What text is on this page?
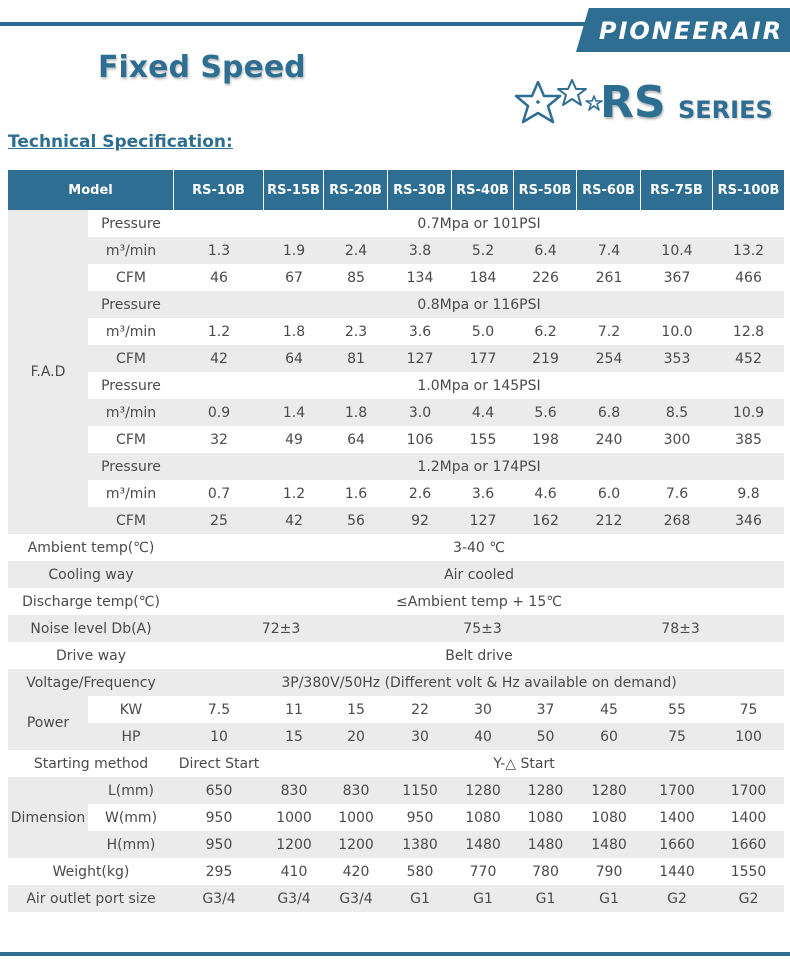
PIONEERAIR
Fixed Speed
RS SERIES
Technical Specification:
Model		RS-10B	RS-15B	RS-20B	RS-30B	RS-40B	RS-50B	RS-60B	RS-75B	RS-100B
F.A.D	Pressure	0.7Mpa or 101PSI								
	m³/min	1.3	1.9	2.4	3.8	5.2	6.4	7.4	10.4	13.2
	CFM	46	67	85	134	184	226	261	367	466
	Pressure	0.8Mpa or 116PSI								
	m³/min	1.2	1.8	2.3	3.6	5.0	6.2	7.2	10.0	12.8
	CFM	42	64	81	127	177	219	254	353	452
	Pressure	1.0Mpa or 145PSI								
	m³/min	0.9	1.4	1.8	3.0	4.4	5.6	6.8	8.5	10.9
	CFM	32	49	64	106	155	198	240	300	385
	Pressure	1.2Mpa or 174PSI								
	m³/min	0.7	1.2	1.6	2.6	3.6	4.6	6.0	7.6	9.8
	CFM	25	42	56	92	127	162	212	268	346
Ambient temp(℃)		3-40 ℃								
Cooling way		Air cooled								
Discharge temp(℃)		≤Ambient temp + 15℃								
Noise level Db(A)		72±3			75±3			78±3		
Drive way		Belt drive								
Voltage/Frequency		3P/380V/50Hz (Different volt & Hz available on demand)								
Power	KW	7.5	11	15	22	30	37	45	55	75
	HP	10	15	20	30	40	50	60	75	100
Starting method		Direct Start	Y-△ Start							
Dimension	L(mm)	650	830	830	1150	1280	1280	1280	1700	1700
	W(mm)	950	1000	1000	950	1080	1080	1080	1400	1400
	H(mm)	950	1200	1200	1380	1480	1480	1480	1660	1660
Weight(kg)		295	410	420	580	770	780	790	1440	1550
Air outlet port size		G3/4	G3/4	G3/4	G1	G1	G1	G1	G2	G2
